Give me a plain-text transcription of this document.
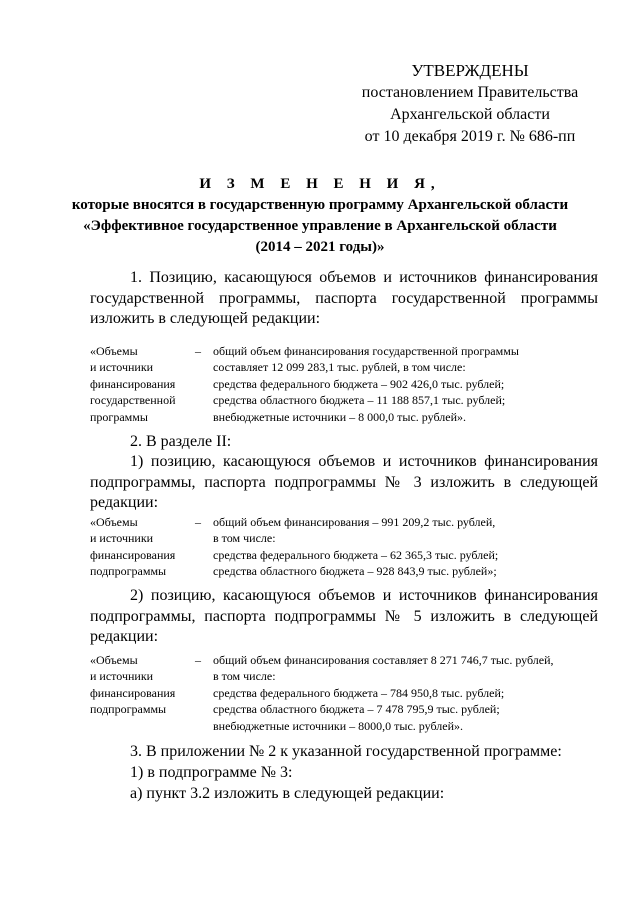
УТВЕРЖДЕНЫ
постановлением Правительства
Архангельской области
от 10 декабря 2019 г. № 686-пп
И З М Е Н Е Н И Я,
которые вносятся в государственную программу Архангельской области
«Эффективное государственное управление в Архангельской области
(2014 – 2021 годы)»
1. Позицию, касающуюся объемов и источников финансирования государственной программы, паспорта государственной программы изложить в следующей редакции:
«Объемы
и источники
финансирования
государственной
программы
–	общий объем финансирования государственной программы
составляет 12 099 283,1 тыс. рублей, в том числе:
средства федерального бюджета – 902 426,0 тыс. рублей;
средства областного бюджета – 11 188 857,1 тыс. рублей;
внебюджетные источники – 8 000,0 тыс. рублей».
2. В разделе II:
1) позицию, касающуюся объемов и источников финансирования подпрограммы, паспорта подпрограммы № 3 изложить в следующей редакции:
«Объемы
и источники
финансирования
подпрограммы
–	общий объем финансирования – 991 209,2 тыс. рублей,
в том числе:
средства федерального бюджета – 62 365,3 тыс. рублей;
средства областного бюджета – 928 843,9 тыс. рублей»;
2) позицию, касающуюся объемов и источников финансирования подпрограммы, паспорта подпрограммы № 5 изложить в следующей редакции:
«Объемы
и источники
финансирования
подпрограммы
–	общий объем финансирования составляет 8 271 746,7 тыс. рублей,
в том числе:
средства федерального бюджета – 784 950,8 тыс. рублей;
средства областного бюджета – 7 478 795,9 тыс. рублей;
внебюджетные источники – 8000,0 тыс. рублей».
3. В приложении № 2 к указанной государственной программе:
1) в подпрограмме № 3:
а) пункт 3.2 изложить в следующей редакции:
